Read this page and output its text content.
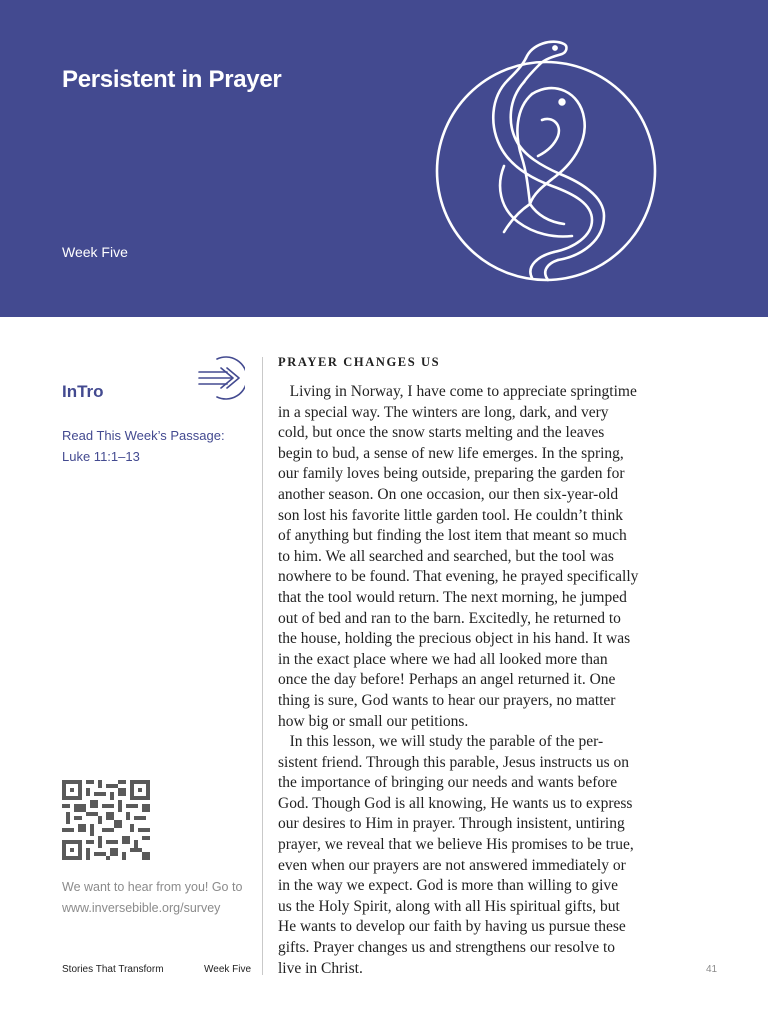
Persistent in Prayer
Week Five
InTro
Read This Week’s Passage:
Luke 11:1–13
We want to hear from you! Go to
www.inversebible.org/survey
Stories That Transform	Week Five	41
PRAYER CHANGES US
Living in Norway, I have come to appreciate springtime
in a special way. The winters are long, dark, and very
cold, but once the snow starts melting and the leaves
begin to bud, a sense of new life emerges. In the spring,
our family loves being outside, preparing the garden for
another season. On one occasion, our then six-year-old
son lost his favorite little garden tool. He couldn’t think
of anything but finding the lost item that meant so much
to him. We all searched and searched, but the tool was
nowhere to be found. That evening, he prayed specifically
that the tool would return. The next morning, he jumped
out of bed and ran to the barn. Excitedly, he returned to
the house, holding the precious object in his hand. It was
in the exact place where we had all looked more than
once the day before! Perhaps an angel returned it. One
thing is sure, God wants to hear our prayers, no matter
how big or small our petitions.
In this lesson, we will study the parable of the per-
sistent friend. Through this parable, Jesus instructs us on
the importance of bringing our needs and wants before
God. Though God is all knowing, He wants us to express
our desires to Him in prayer. Through insistent, untiring
prayer, we reveal that we believe His promises to be true,
even when our prayers are not answered immediately or
in the way we expect. God is more than willing to give
us the Holy Spirit, along with all His spiritual gifts, but
He wants to develop our faith by having us pursue these
gifts. Prayer changes us and strengthens our resolve to
live in Christ.
